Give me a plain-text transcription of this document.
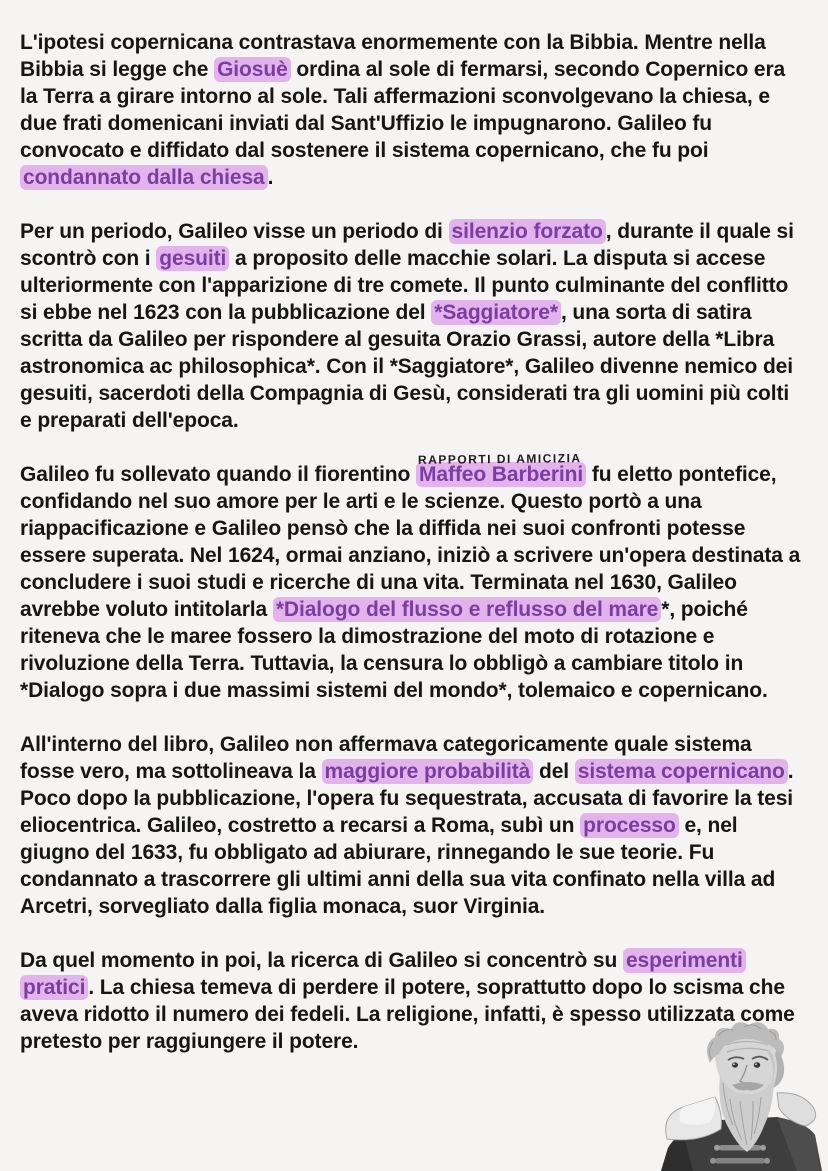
L'ipotesi copernicana contrastava enormemente con la Bibbia. Mentre nella Bibbia si legge che Giosuè ordina al sole di fermarsi, secondo Copernico era la Terra a girare intorno al sole. Tali affermazioni sconvolgevano la chiesa, e due frati domenicani inviati dal Sant'Uffizio le impugnarono. Galileo fu convocato e diffidato dal sostenere il sistema copernicano, che fu poi condannato dalla chiesa .

Per un periodo, Galileo visse un periodo di silenzio forzato , durante il quale si scontrò con i gesuiti a proposito delle macchie solari. La disputa si accese ulteriormente con l'apparizione di tre comete. Il punto culminante del conflitto si ebbe nel 1623 con la pubblicazione del *Saggiatore* , una sorta di satira scritta da Galileo per rispondere al gesuita Orazio Grassi, autore della *Libra astronomica ac philosophica*. Con il *Saggiatore*, Galileo divenne nemico dei gesuiti, sacerdoti della Compagnia di Gesù, considerati tra gli uomini più colti e preparati dell'epoca.

Galileo fu sollevato quando il fiorentino Maffeo Barberini
RAPPORTI DI AMICIZIA
fu eletto pontefice, confidando nel suo amore per le arti e le scienze. Questo portò a una riappacificazione e Galileo pensò che la diffida nei suoi confronti potesse essere superata. Nel 1624, ormai anziano, iniziò a scrivere un'opera destinata a concludere i suoi studi e ricerche di una vita. Terminata nel 1630, Galileo avrebbe voluto intitolarla *Dialogo del flusso e reflusso del mare *, poiché riteneva che le maree fossero la dimostrazione del moto di rotazione e rivoluzione della Terra. Tuttavia, la censura lo obbligò a cambiare titolo in *Dialogo sopra i due massimi sistemi del mondo*, tolemaico e copernicano.

All'interno del libro, Galileo non affermava categoricamente quale sistema fosse vero, ma sottolineava la maggiore probabilità del sistema copernicano . Poco dopo la pubblicazione, l'opera fu sequestrata, accusata di favorire la tesi eliocentrica. Galileo, costretto a recarsi a Roma, subì un processo e, nel giugno del 1633, fu obbligato ad abiurare, rinnegando le sue teorie. Fu condannato a trascorrere gli ultimi anni della sua vita confinato nella villa ad Arcetri, sorvegliato dalla figlia monaca, suor Virginia.

Da quel momento in poi, la ricerca di Galileo si concentrò su esperimenti pratici . La chiesa temeva di perdere il potere, soprattutto dopo lo scisma che aveva ridotto il numero dei fedeli. La religione, infatti, è spesso utilizzata come pretesto per raggiungere il potere.
